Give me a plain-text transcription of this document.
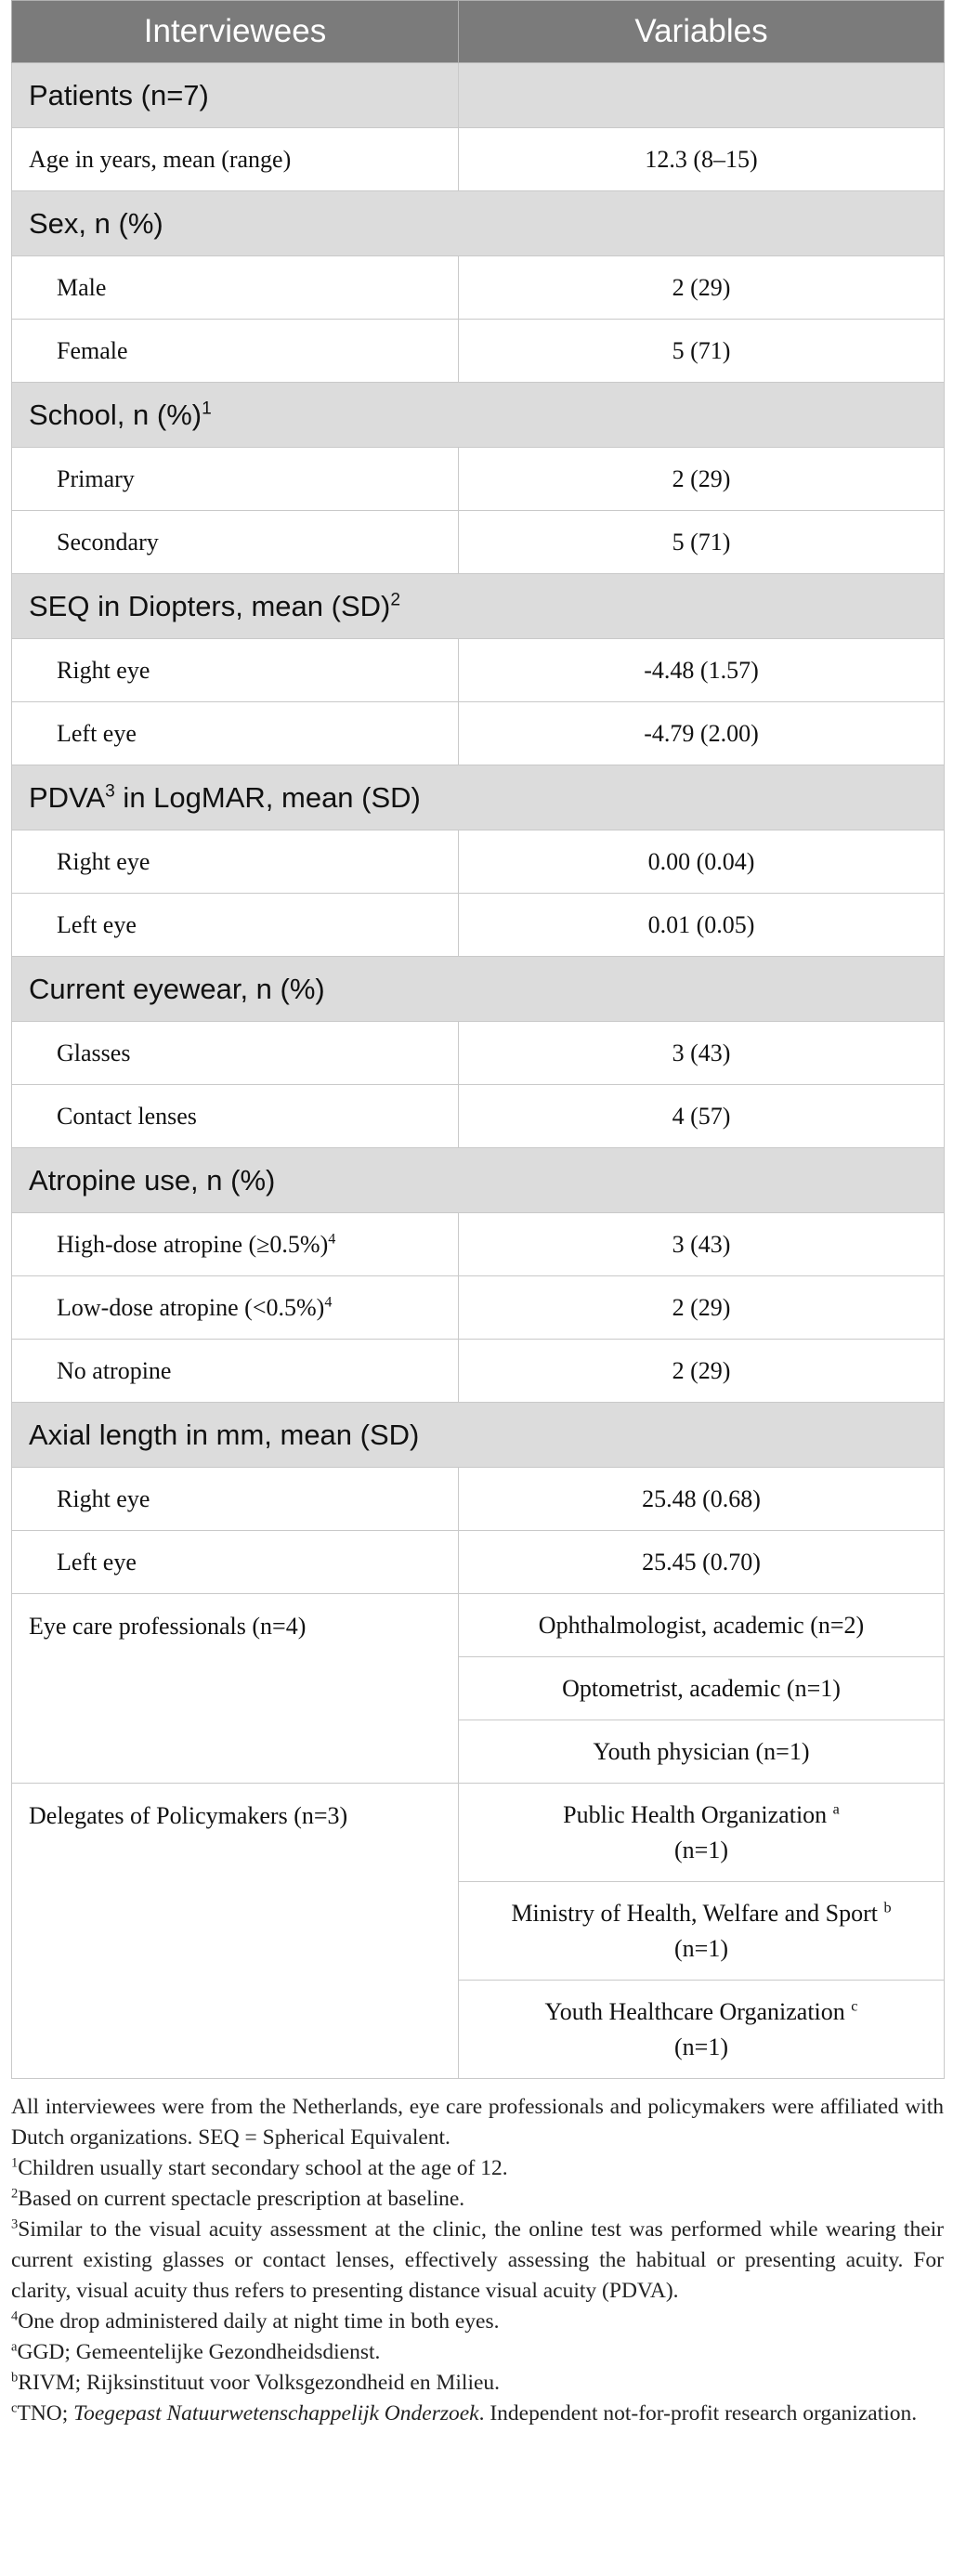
Interviewees	Variables
Patients (n=7)	
Age in years, mean (range)	12.3 (8–15)
Sex, n (%)	
Male	2 (29)
Female	5 (71)
School, n (%)$^1$
Primary	2 (29)
Secondary	5 (71)
SEQ in Diopters, mean (SD)$^2$
Right eye	-4.48 (1.57)
Left eye	-4.79 (2.00)
PDVA$^3$ in LogMAR, mean (SD)	
Right eye	0.00 (0.04)
Left eye	0.01 (0.05)
Current eyewear, n (%)	
Glasses	3 (43)
Contact lenses	4 (57)
Atropine use, n (%)	
High-dose atropine (≥0.5%)$^4$	3 (43)
Low-dose atropine (<0.5%)$^4$	2 (29)
No atropine	2 (29)
Axial length in mm, mean (SD)	
Right eye	25.48 (0.68)
Left eye	25.45 (0.70)
Eye care professionals (n=4)	Ophthalmologist, academic (n=2)
	Optometrist, academic (n=1)
	Youth physician (n=1)
Delegates of Policymakers (n=3)	Public Health Organization $^a$
(n=1)
	Ministry of Health, Welfare and Sport $^b$
(n=1)
	Youth Healthcare Organization $^c$
(n=1)

All interviewees were from the Netherlands, eye care professionals and policymakers were affiliated with Dutch organizations. SEQ = Spherical Equivalent.

$^1$Children usually start secondary school at the age of 12.

$^2$Based on current spectacle prescription at baseline.

$^3$Similar to the visual acuity assessment at the clinic, the online test was performed while wearing their current existing glasses or contact lenses, effectively assessing the habitual or presenting acuity. For clarity, visual acuity thus refers to presenting distance visual acuity (PDVA).

$^4$One drop administered daily at night time in both eyes.

$^a$GGD; Gemeentelijke Gezondheidsdienst.

$^b$RIVM; Rijksinstituut voor Volksgezondheid en Milieu.

$^c$TNO; Toegepast Natuurwetenschappelijk Onderzoek. Independent not-for-profit research organization.
